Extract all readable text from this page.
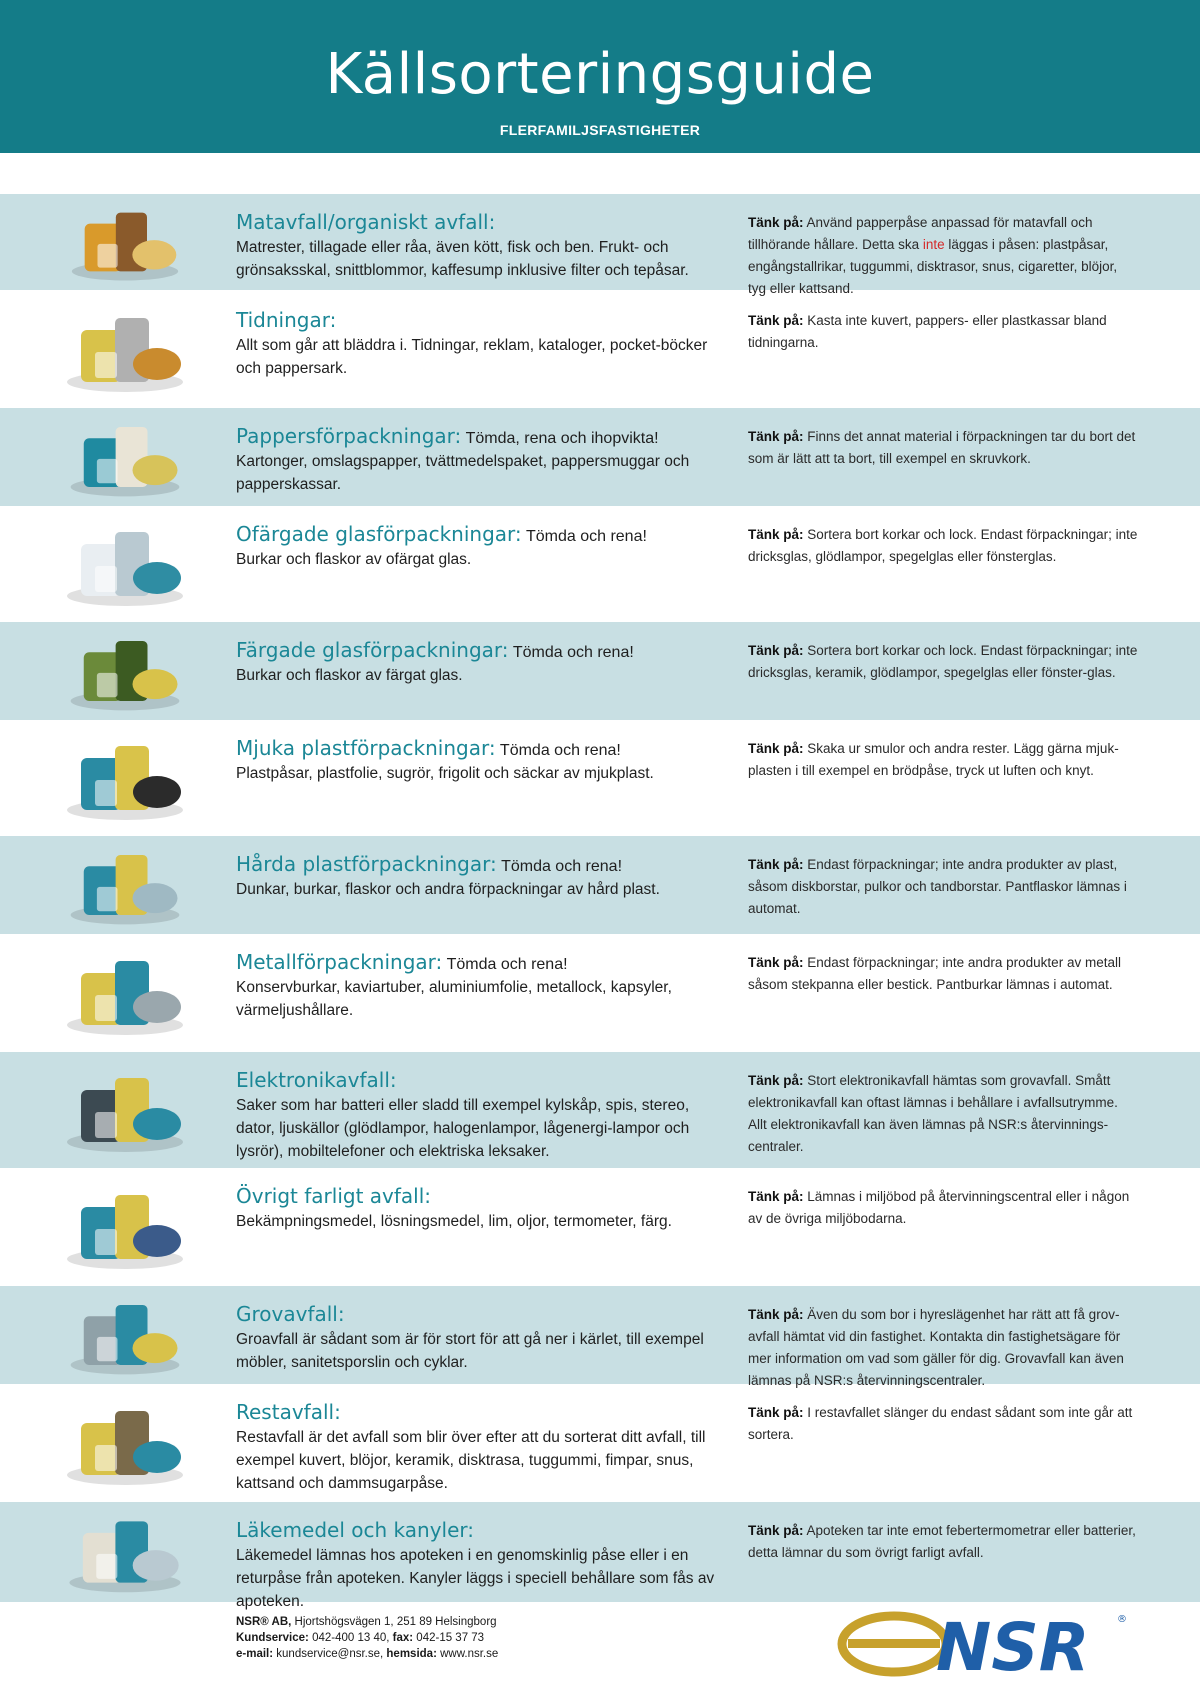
Källsorteringsguide
FLERFAMILJSFASTIGHETER
Matavfall/organiskt avfall:
Matrester, tillagade eller råa, även kött, fisk och ben. Frukt- och grönsaksskal, snittblommor, kaffesump inklusive filter och tepåsar.
Tänk på: Använd papperpåse anpassad för matavfall och tillhörande hållare. Detta ska inte läggas i påsen: plastpåsar, engångstallrikar, tuggummi, disktrasor, snus, cigaretter, blöjor, tyg eller kattsand.
Tidningar:
Allt som går att bläddra i. Tidningar, reklam, kataloger, pocket-böcker och pappersark.
Tänk på: Kasta inte kuvert, pappers- eller plastkassar bland tidningarna.
Pappersförpackningar: Tömda, rena och ihopvikta!
Kartonger, omslagspapper, tvättmedelspaket, pappersmuggar och papperskassar.
Tänk på: Finns det annat material i förpackningen tar du bort det som är lätt att ta bort, till exempel en skruvkork.
Ofärgade glasförpackningar: Tömda och rena!
Burkar och flaskor av ofärgat glas.
Tänk på: Sortera bort korkar och lock. Endast förpackningar; inte dricksglas, glödlampor, spegelglas eller fönsterglas.
Färgade glasförpackningar: Tömda och rena!
Burkar och flaskor av färgat glas.
Tänk på: Sortera bort korkar och lock. Endast förpackningar; inte dricksglas, keramik, glödlampor, spegelglas eller fönster-glas.
Mjuka plastförpackningar: Tömda och rena!
Plastpåsar, plastfolie, sugrör, frigolit och säckar av mjukplast.
Tänk på: Skaka ur smulor och andra rester. Lägg gärna mjuk-plasten i till exempel en brödpåse, tryck ut luften och knyt.
Hårda plastförpackningar: Tömda och rena!
Dunkar, burkar, flaskor och andra förpackningar av hård plast.
Tänk på: Endast förpackningar; inte andra produkter av plast, såsom diskborstar, pulkor och tandborstar. Pantflaskor lämnas i automat.
Metallförpackningar: Tömda och rena!
Konservburkar, kaviartuber, aluminiumfolie, metallock, kapsyler, värmeljushållare.
Tänk på: Endast förpackningar; inte andra produkter av metall såsom stekpanna eller bestick. Pantburkar lämnas i automat.
Elektronikavfall:
Saker som har batteri eller sladd till exempel kylskåp, spis, stereo, dator, ljuskällor (glödlampor, halogenlampor, lågenergi-lampor och lysrör), mobiltelefoner och elektriska leksaker.
Tänk på: Stort elektronikavfall hämtas som grovavfall. Smått elektronikavfall kan oftast lämnas i behållare i avfallsutrymme. Allt elektronikavfall kan även lämnas på NSR:s återvinnings-centraler.
Övrigt farligt avfall:
Bekämpningsmedel, lösningsmedel, lim, oljor, termometer, färg.
Tänk på: Lämnas i miljöbod på återvinningscentral eller i någon av de övriga miljöbodarna.
Grovavfall:
Groavfall är sådant som är för stort för att gå ner i kärlet, till exempel möbler, sanitetsporslin och cyklar.
Tänk på: Även du som bor i hyreslägenhet har rätt att få grov-avfall hämtat vid din fastighet. Kontakta din fastighetsägare för mer information om vad som gäller för dig. Grovavfall kan även lämnas på NSR:s återvinningscentraler.
Restavfall:
Restavfall är det avfall som blir över efter att du sorterat ditt avfall, till exempel kuvert, blöjor, keramik, disktrasa, tuggummi, fimpar, snus, kattsand och dammsugarpåse.
Tänk på: I restavfallet slänger du endast sådant som inte går att sortera.
Läkemedel och kanyler:
Läkemedel lämnas hos apoteken i en genomskinlig påse eller i en returpåse från apoteken. Kanyler läggs i speciell behållare som fås av apoteken.
Tänk på: Apoteken tar inte emot febertermometrar eller batterier, detta lämnar du som övrigt farligt avfall.
NSR® AB, Hjortshögsvägen 1, 251 89 Helsingborg
Kundservice: 042-400 13 40, fax: 042-15 37 73
e-mail: kundservice@nsr.se, hemsida: www.nsr.se	NSR	®
